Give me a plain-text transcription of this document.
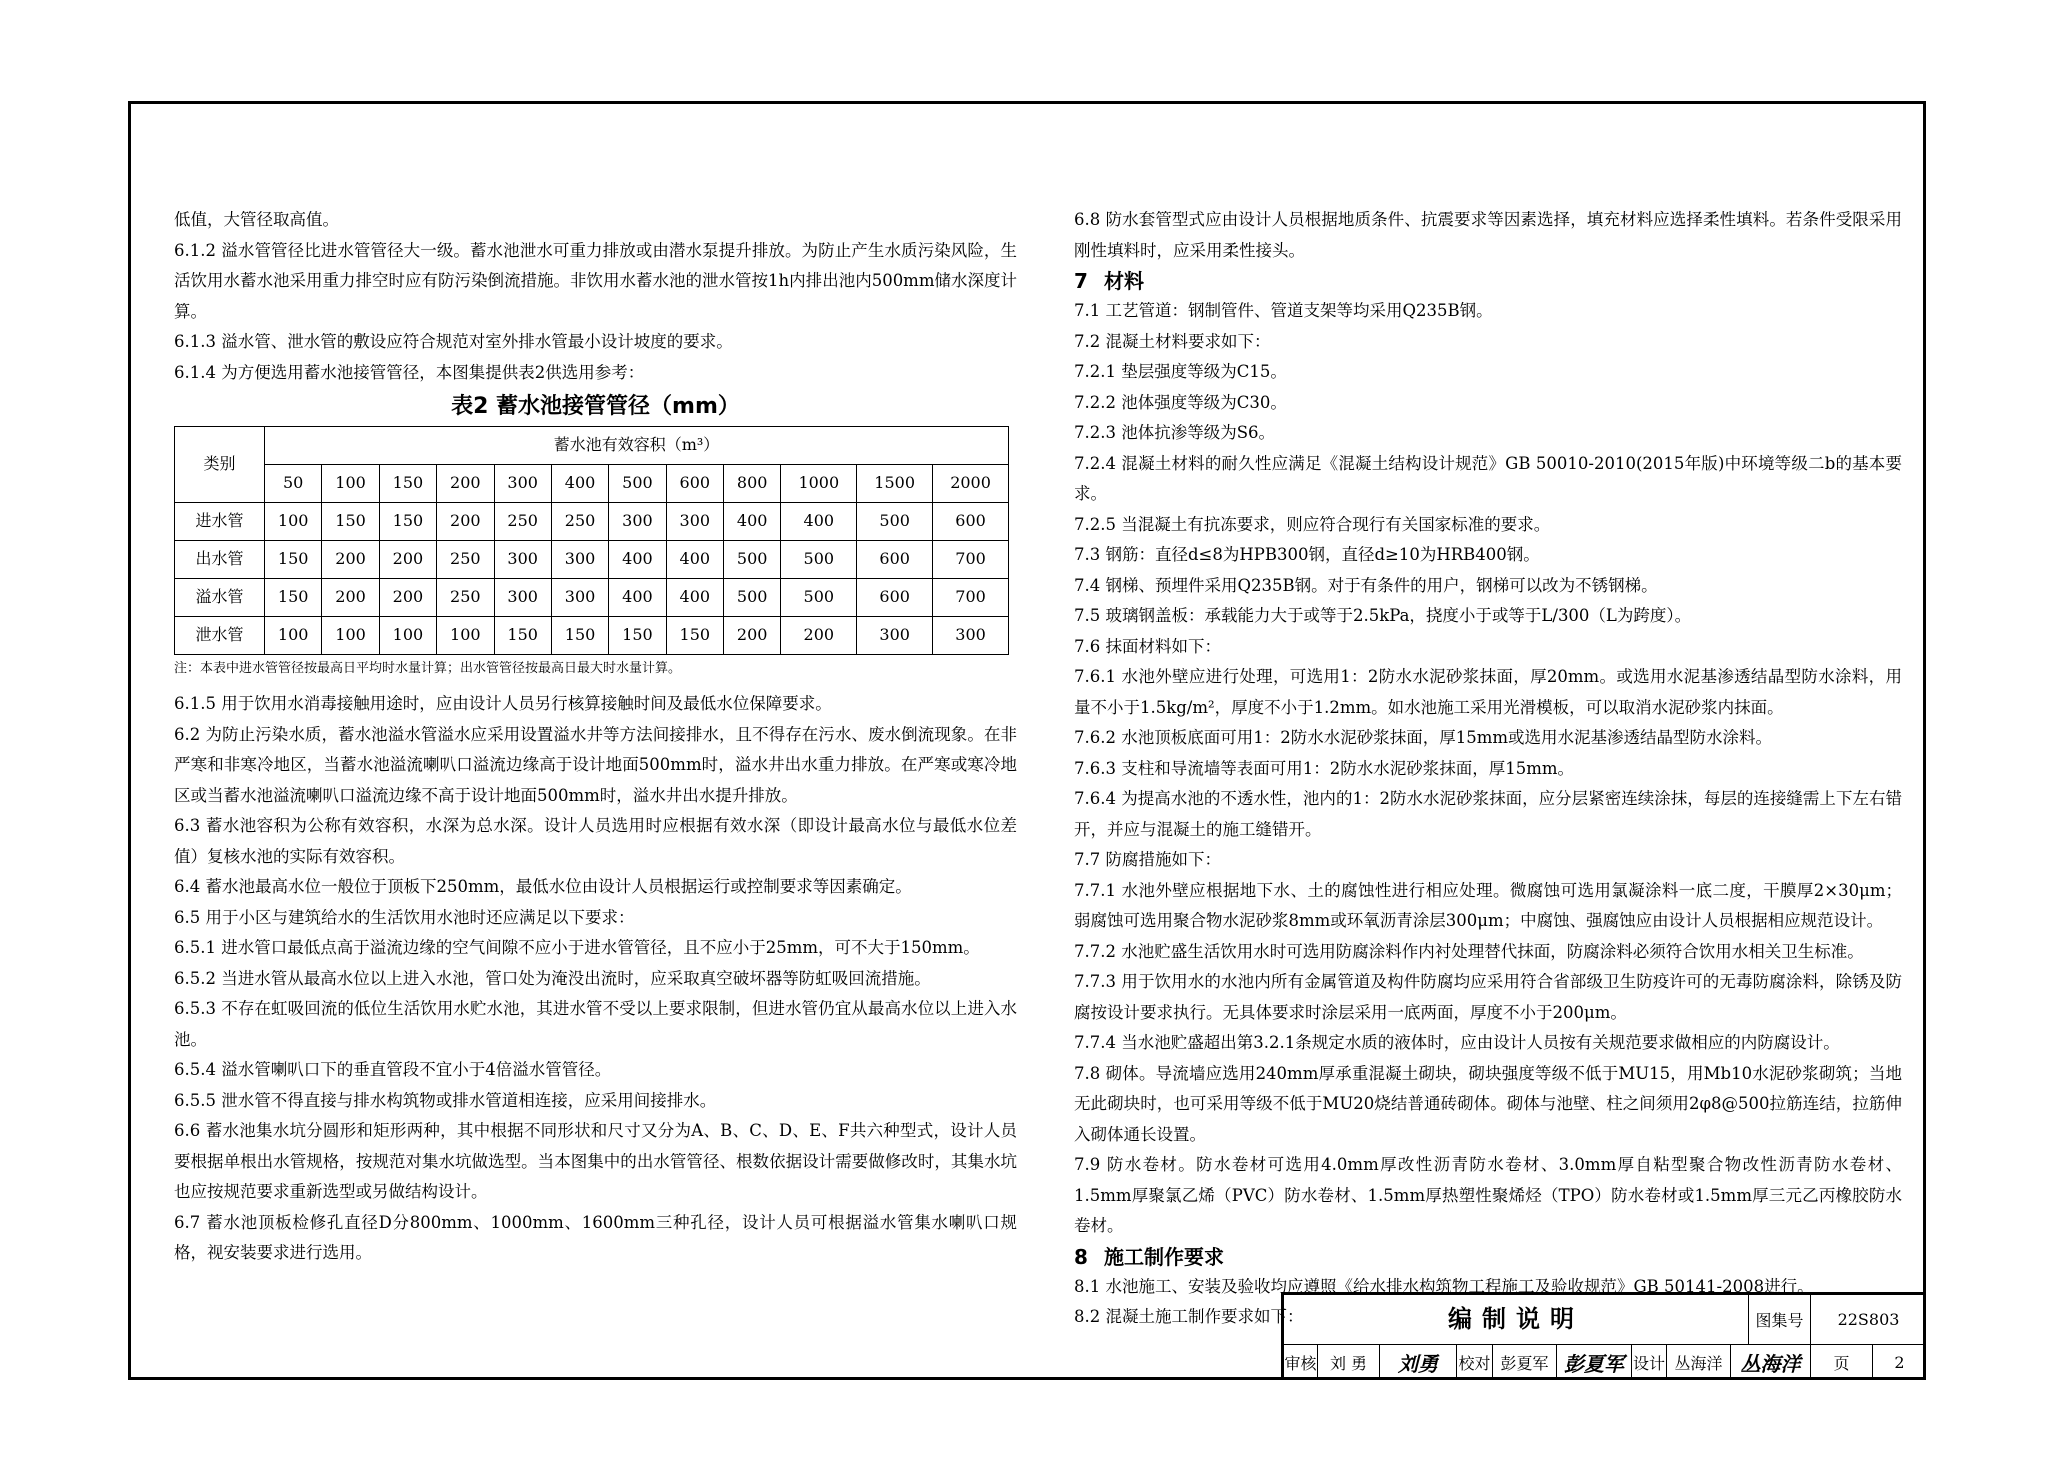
低值，大管径取高值。

6.1.2 溢水管管径比进水管管径大一级。蓄水池泄水可重力排放或由潜水泵提升排放。为防止产生水质污染风险，生活饮用水蓄水池采用重力排空时应有防污染倒流措施。非饮用水蓄水池的泄水管按1h内排出池内500mm储水深度计算。

6.1.3 溢水管、泄水管的敷设应符合规范对室外排水管最小设计坡度的要求。

6.1.4 为方便选用蓄水池接管管径，本图集提供表2供选用参考：

表2 蓄水池接管管径（mm）
类别	蓄水池有效容积（m³）											
	50	100	150	200	300	400	500	600	800	1000	1500	2000
进水管	100	150	150	200	250	250	300	300	400	400	500	600
出水管	150	200	200	250	300	300	400	400	500	500	600	700
溢水管	150	200	200	250	300	300	400	400	500	500	600	700
泄水管	100	100	100	100	150	150	150	150	200	200	300	300
注：本表中进水管管径按最高日平均时水量计算；出水管管径按最高日最大时水量计算。

6.1.5 用于饮用水消毒接触用途时，应由设计人员另行核算接触时间及最低水位保障要求。

6.2 为防止污染水质，蓄水池溢水管溢水应采用设置溢水井等方法间接排水，且不得存在污水、废水倒流现象。在非严寒和非寒冷地区，当蓄水池溢流喇叭口溢流边缘高于设计地面500mm时，溢水井出水重力排放。在严寒或寒冷地区或当蓄水池溢流喇叭口溢流边缘不高于设计地面500mm时，溢水井出水提升排放。

6.3 蓄水池容积为公称有效容积，水深为总水深。设计人员选用时应根据有效水深（即设计最高水位与最低水位差值）复核水池的实际有效容积。

6.4 蓄水池最高水位一般位于顶板下250mm，最低水位由设计人员根据运行或控制要求等因素确定。

6.5 用于小区与建筑给水的生活饮用水池时还应满足以下要求：

6.5.1 进水管口最低点高于溢流边缘的空气间隙不应小于进水管管径，且不应小于25mm，可不大于150mm。

6.5.2 当进水管从最高水位以上进入水池，管口处为淹没出流时，应采取真空破坏器等防虹吸回流措施。

6.5.3 不存在虹吸回流的低位生活饮用水贮水池，其进水管不受以上要求限制，但进水管仍宜从最高水位以上进入水池。

6.5.4 溢水管喇叭口下的垂直管段不宜小于4倍溢水管管径。

6.5.5 泄水管不得直接与排水构筑物或排水管道相连接，应采用间接排水。

6.6 蓄水池集水坑分圆形和矩形两种，其中根据不同形状和尺寸又分为A、B、C、D、E、F共六种型式，设计人员要根据单根出水管规格，按规范对集水坑做选型。当本图集中的出水管管径、根数依据设计需要做修改时，其集水坑也应按规范要求重新选型或另做结构设计。

6.7 蓄水池顶板检修孔直径D分800mm、1000mm、1600mm三种孔径，设计人员可根据溢水管集水喇叭口规格，视安装要求进行选用。

6.8 防水套管型式应由设计人员根据地质条件、抗震要求等因素选择，填充材料应选择柔性填料。若条件受限采用刚性填料时，应采用柔性接头。

7 材料

7.1 工艺管道：钢制管件、管道支架等均采用Q235B钢。

7.2 混凝土材料要求如下：

7.2.1 垫层强度等级为C15。

7.2.2 池体强度等级为C30。

7.2.3 池体抗渗等级为S6。

7.2.4 混凝土材料的耐久性应满足《混凝土结构设计规范》GB 50010-2010(2015年版)中环境等级二b的基本要求。

7.2.5 当混凝土有抗冻要求，则应符合现行有关国家标准的要求。

7.3 钢筋：直径d≤8为HPB300钢，直径d≥10为HRB400钢。

7.4 钢梯、预埋件采用Q235B钢。对于有条件的用户，钢梯可以改为不锈钢梯。

7.5 玻璃钢盖板：承载能力大于或等于2.5kPa，挠度小于或等于L/300（L为跨度）。

7.6 抹面材料如下：

7.6.1 水池外壁应进行处理，可选用1：2防水水泥砂浆抹面，厚20mm。或选用水泥基渗透结晶型防水涂料，用量不小于1.5kg/m²，厚度不小于1.2mm。如水池施工采用光滑模板，可以取消水泥砂浆内抹面。

7.6.2 水池顶板底面可用1：2防水水泥砂浆抹面，厚15mm或选用水泥基渗透结晶型防水涂料。

7.6.3 支柱和导流墙等表面可用1：2防水水泥砂浆抹面，厚15mm。

7.6.4 为提高水池的不透水性，池内的1：2防水水泥砂浆抹面，应分层紧密连续涂抹，每层的连接缝需上下左右错开，并应与混凝土的施工缝错开。

7.7 防腐措施如下：

7.7.1 水池外壁应根据地下水、土的腐蚀性进行相应处理。微腐蚀可选用氯凝涂料一底二度，干膜厚2×30μm；弱腐蚀可选用聚合物水泥砂浆8mm或环氧沥青涂层300μm；中腐蚀、强腐蚀应由设计人员根据相应规范设计。

7.7.2 水池贮盛生活饮用水时可选用防腐涂料作内衬处理替代抹面，防腐涂料必须符合饮用水相关卫生标准。

7.7.3 用于饮用水的水池内所有金属管道及构件防腐均应采用符合省部级卫生防疫许可的无毒防腐涂料，除锈及防腐按设计要求执行。无具体要求时涂层采用一底两面，厚度不小于200μm。

7.7.4 当水池贮盛超出第3.2.1条规定水质的液体时，应由设计人员按有关规范要求做相应的内防腐设计。

7.8 砌体。导流墙应选用240mm厚承重混凝土砌块，砌块强度等级不低于MU15，用Mb10水泥砂浆砌筑；当地无此砌块时，也可采用等级不低于MU20烧结普通砖砌体。砌体与池壁、柱之间须用2φ8@500拉筋连结，拉筋伸入砌体通长设置。

7.9 防水卷材。防水卷材可选用4.0mm厚改性沥青防水卷材、3.0mm厚自粘型聚合物改性沥青防水卷材、1.5mm厚聚氯乙烯（PVC）防水卷材、1.5mm厚热塑性聚烯烃（TPO）防水卷材或1.5mm厚三元乙丙橡胶防水卷材。

8 施工制作要求

8.1 水池施工、安装及验收均应遵照《给水排水构筑物工程施工及验收规范》GB 50141-2008进行。

8.2 混凝土施工制作要求如下：	编制说明	图集号	22S803
审核 刘 勇	刘勇	校对 彭夏军 彭夏军 设计 丛海洋 丛海洋	页	2
